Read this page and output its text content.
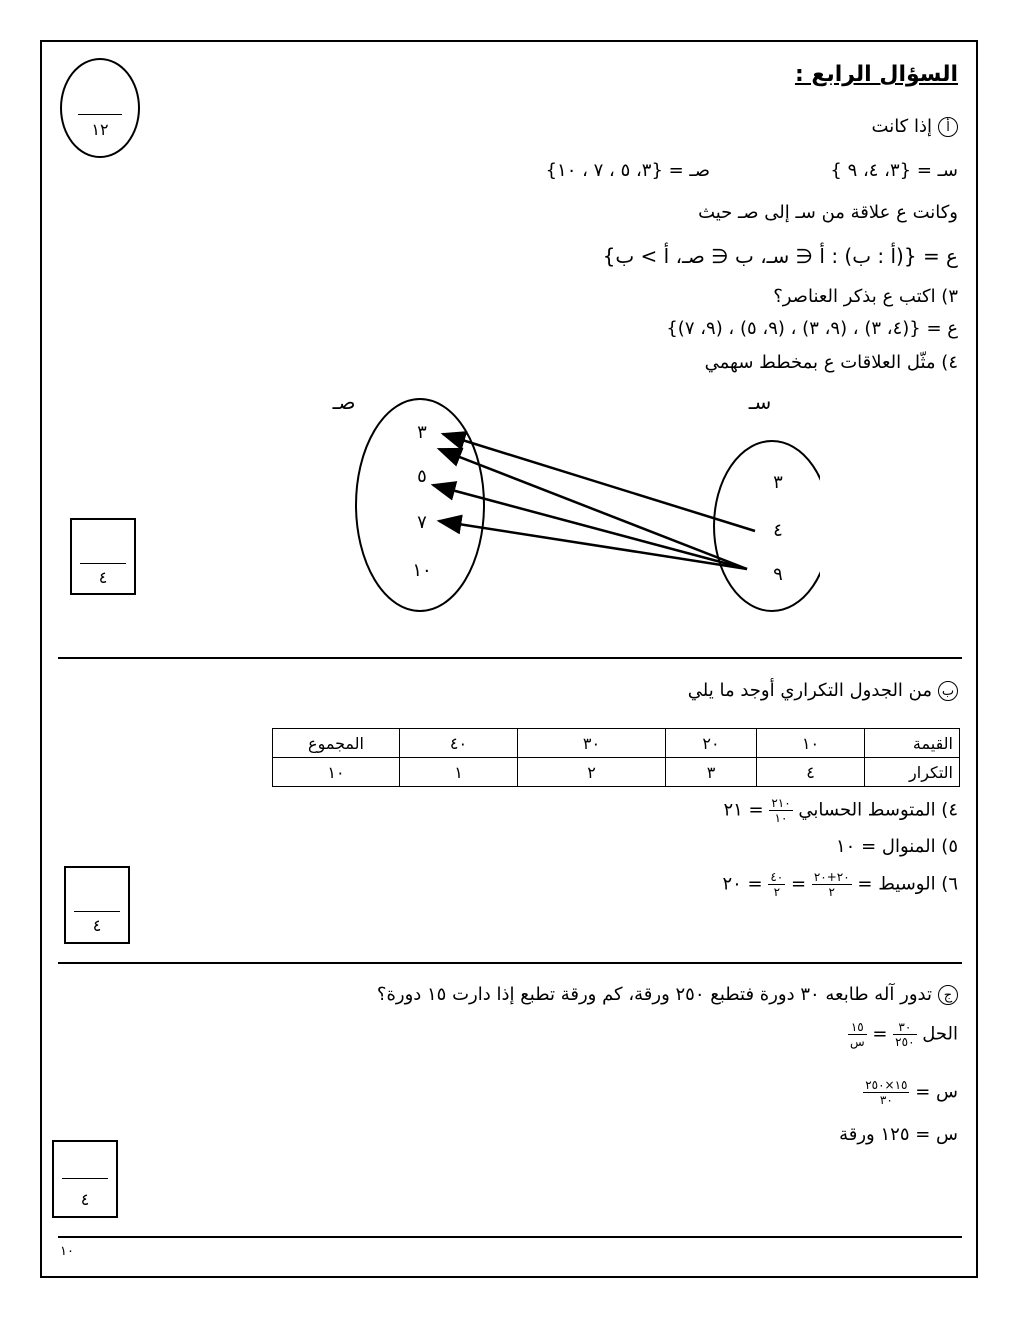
السؤال الرابع :
١٢	ﺃإذا كانت
سـ = {٣، ٤، ٩ }
صـ = {٣، ٥ ، ٧ ، ١٠}
وكانت ع علاقة من سـ إلى صـ حيث
ع = {(ﺃ : ب) : ﺃ ∈ سـ، ب ∈ صـ، ﺃ > ب}
٣) اكتب ع بذكر العناصر؟
ع = {(٤، ٣) ، (٩، ٣) ، (٩، ٥) ، (٩، ٧)}
٤) مثّل العلاقات ع بمخطط سهمي
صـ	سـ
٣
٥
٧
١٠
٣
٤
٩
٤
بمن الجدول التكراري أوجد ما يلي
القيمة	١٠	٢٠	٣٠	٤٠	المجموع
التكرار	٤	٣	٢	١	١٠
٤) المتوسط الحسابي
$\frac{٢١٠}{١٠}$
= ٢١
٥) المنوال = ١٠
٦) الوسيط =
$\frac{٢٠+٢٠}{٢}$
=
$\frac{٤٠}{٢}$
= ٢٠
٤
جتدور آله طابعه ٣٠ دورة فتطبع ٢٥٠ ورقة، كم ورقة تطبع إذا دارت ١٥ دورة؟
الحل
$\frac{٣٠}{٢٥٠}$
=
$\frac{١٥}{\text{س}}$
س =
$\frac{١٥\times ٢٥٠}{٣٠}$
س = ١٢٥ ورقة
٤
١٠
